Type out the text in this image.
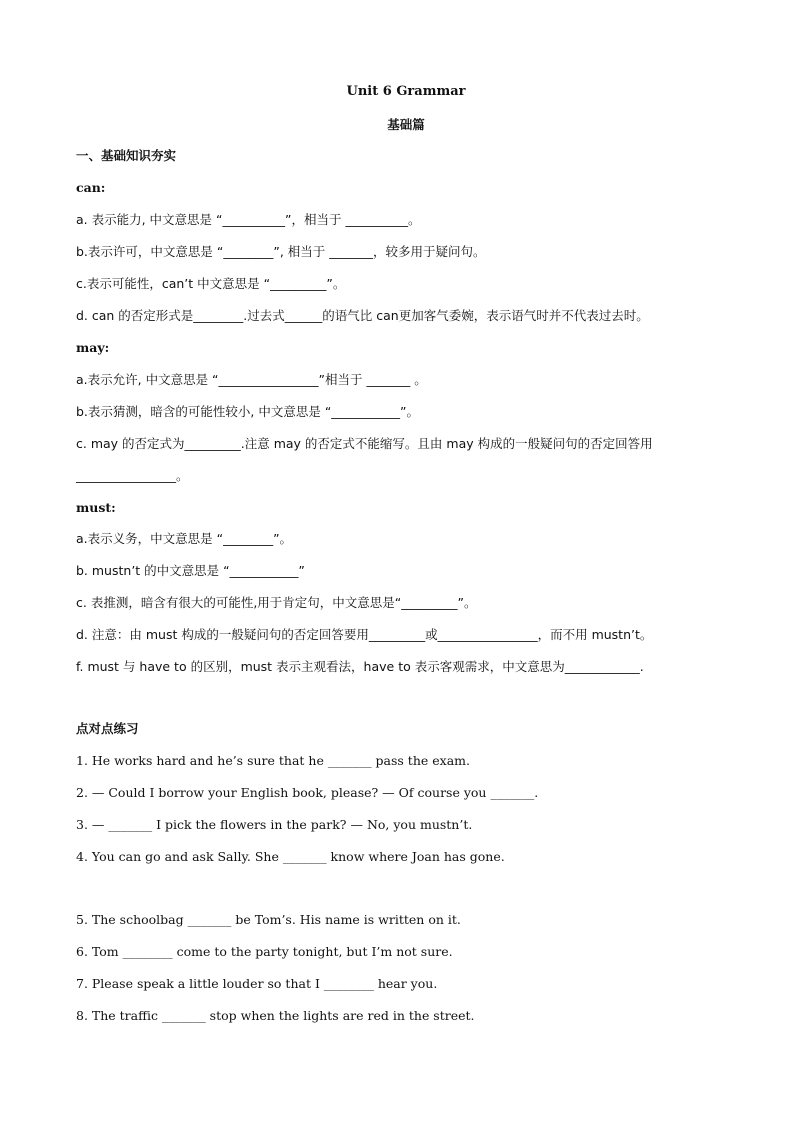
Unit 6 Grammar
基础篇
一、基础知识夯实
can:
a. 表示能力, 中文意思是 “__________”，相当于 __________。
b.表示许可，中文意思是 “________”, 相当于 _______，较多用于疑问句。
c.表示可能性，can’t 中文意思是 “_________”。
d. can 的否定形式是________.过去式______的语气比 can更加客气委婉，表示语气时并不代表过去时。
may:
a.表示允许, 中文意思是 “________________”相当于 _______ 。
b.表示猜测，暗含的可能性较小, 中文意思是 “___________”。
c. may 的否定式为_________.注意 may 的否定式不能缩写。且由 may 构成的一般疑问句的否定回答用
________________。
must:
a.表示义务，中文意思是 “________”。
b. mustn’t 的中文意思是 “___________”
c. 表推测，暗含有很大的可能性,用于肯定句，中文意思是“_________”。
d. 注意：由 must 构成的一般疑问句的否定回答要用_________或________________，而不用 mustn’t。
f. must 与 have to 的区别，must 表示主观看法，have to 表示客观需求，中文意思为____________.
点对点练习
1. He works hard and he’s sure that he _______ pass the exam.
2. — Could I borrow your English book, please? — Of course you _______.
3. — _______ I pick the flowers in the park? — No, you mustn’t.
4. You can go and ask Sally. She _______ know where Joan has gone.
5. The schoolbag _______ be Tom’s. His name is written on it.
6. Tom ________ come to the party tonight, but I’m not sure.
7. Please speak a little louder so that I ________ hear you.
8. The traffic _______ stop when the lights are red in the street.
